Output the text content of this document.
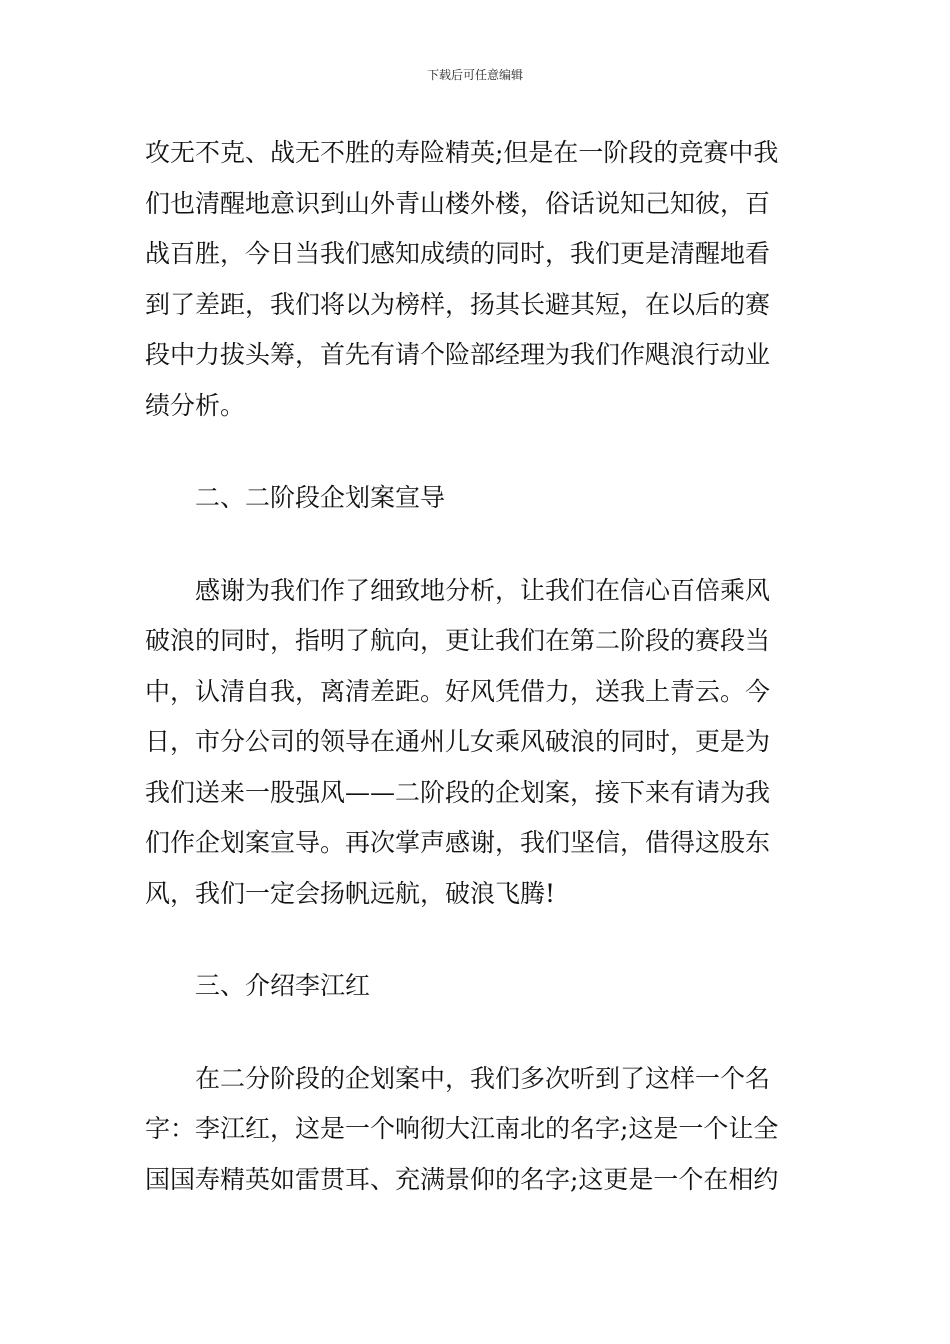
下载后可任意编辑
攻无不克、战无不胜的寿险精英;但是在一阶段的竞赛中我
们也清醒地意识到山外青山楼外楼，俗话说知己知彼，百
战百胜，今日当我们感知成绩的同时，我们更是清醒地看
到了差距，我们将以为榜样，扬其长避其短，在以后的赛
段中力拔头筹，首先有请个险部经理为我们作飓浪行动业
绩分析。
二、二阶段企划案宣导
感谢为我们作了细致地分析，让我们在信心百倍乘风
破浪的同时，指明了航向，更让我们在第二阶段的赛段当
中，认清自我，离清差距。好风凭借力，送我上青云。今
日，市分公司的领导在通州儿女乘风破浪的同时，更是为
我们送来一股强风——二阶段的企划案，接下来有请为我
们作企划案宣导。再次掌声感谢，我们坚信，借得这股东
风，我们一定会扬帆远航，破浪飞腾!
三、介绍李江红
在二分阶段的企划案中，我们多次听到了这样一个名
字：李江红，这是一个响彻大江南北的名字;这是一个让全
国国寿精英如雷贯耳、充满景仰的名字;这更是一个在相约
